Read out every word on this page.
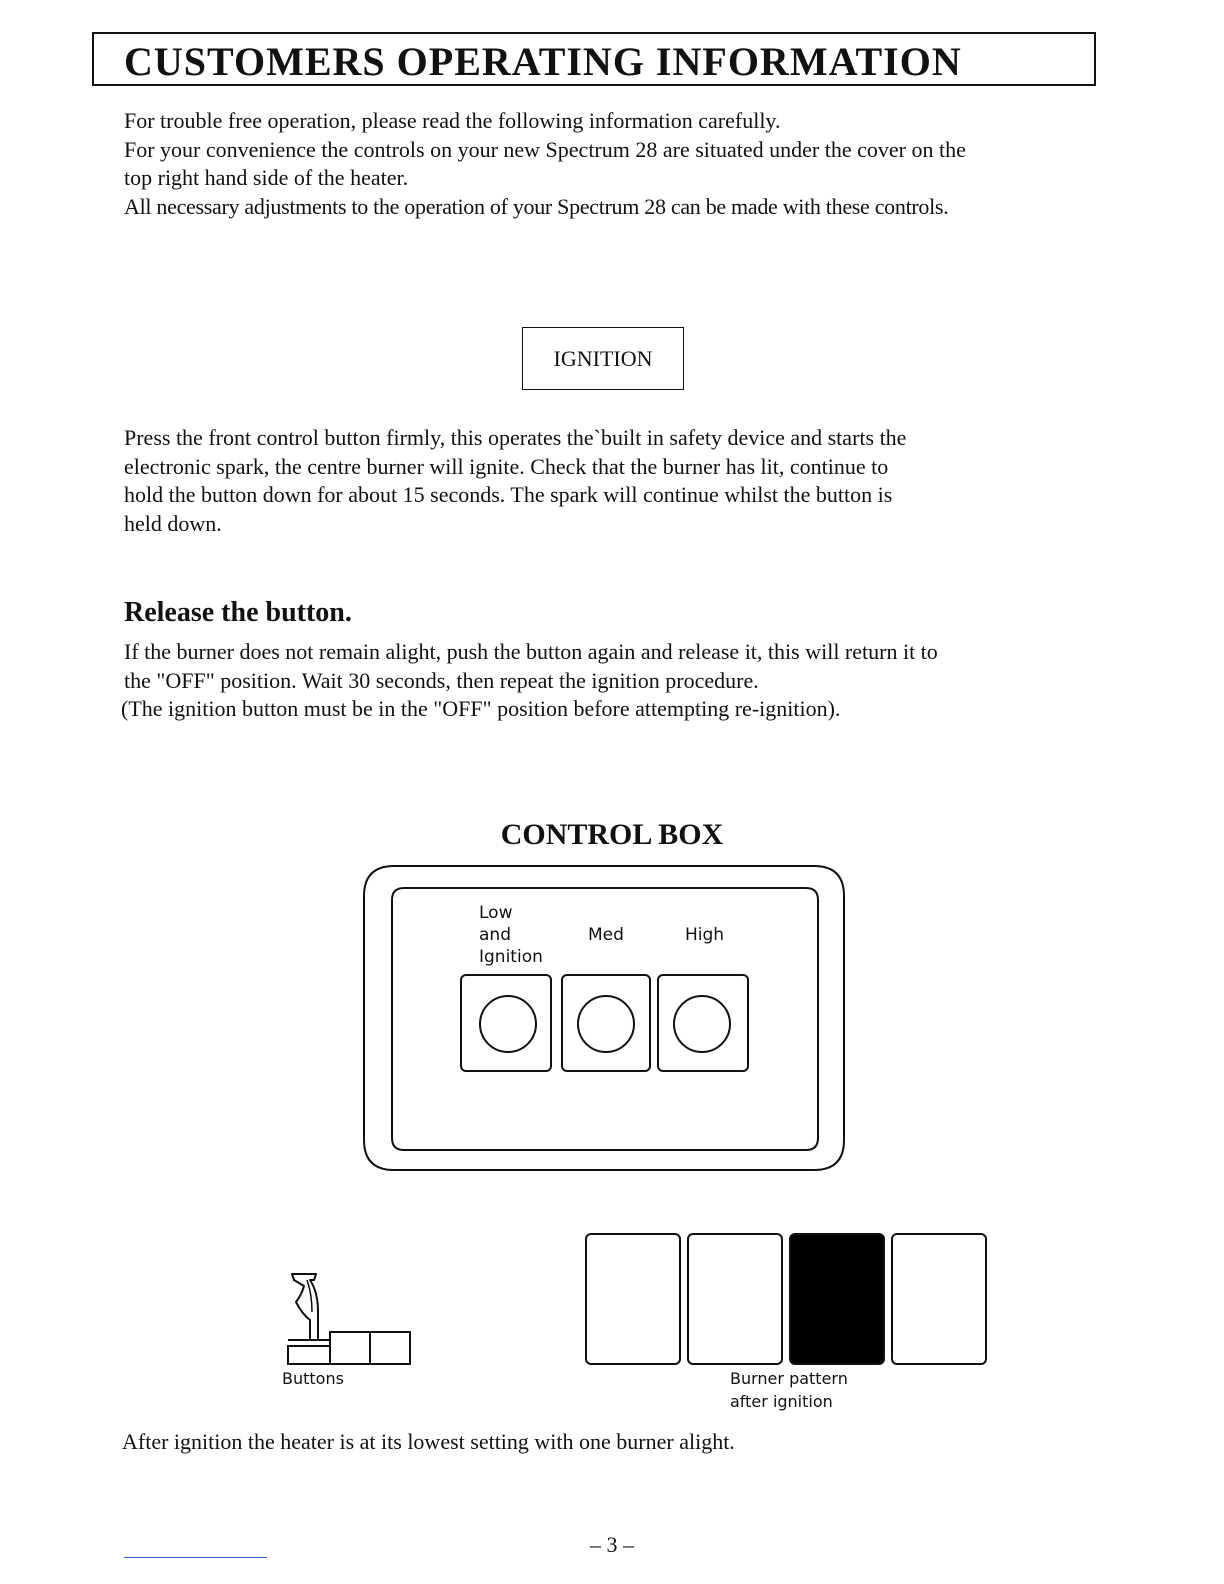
CUSTOMERS OPERATING INFORMATION
For trouble free operation, please read the following information carefully.
For your convenience the controls on your new Spectrum 28 are situated under the cover on the
top right hand side of the heater.
All necessary adjustments to the operation of your Spectrum 28 can be made with these controls.
IGNITION
Press the front control button firmly, this operates theˋbuilt in safety device and starts the
electronic spark, the centre burner will ignite. Check that the burner has lit, continue to
hold the button down for about 15 seconds. The spark will continue whilst the button is
held down.
Release the button.
If the burner does not remain alight, push the button again and release it, this will return it to
the "OFF" position. Wait 30 seconds, then repeat the ignition procedure.
(The ignition button must be in the "OFF" position before attempting re-ignition).
CONTROL BOX
Low
and
Ignition
Med	High
Buttons	Burner pattern
after ignition
After ignition the heater is at its lowest setting with one burner alight.
– 3 –
